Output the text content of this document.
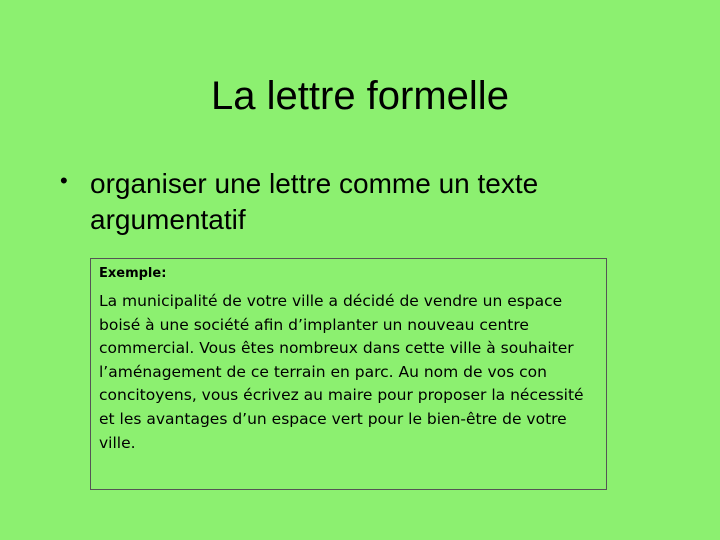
La lettre formelle
• organiser une lettre comme un texte argumentatif
Exemple:
La municipalité de votre ville a décidé de vendre un espace boisé à une société afin d’implanter un nouveau centre commercial. Vous êtes nombreux dans cette ville à souhaiter l’aménagement de ce terrain en parc. Au nom de vos con concitoyens, vous écrivez au maire pour proposer la nécessité et les avantages d’un espace vert pour le bien-être de votre ville.
